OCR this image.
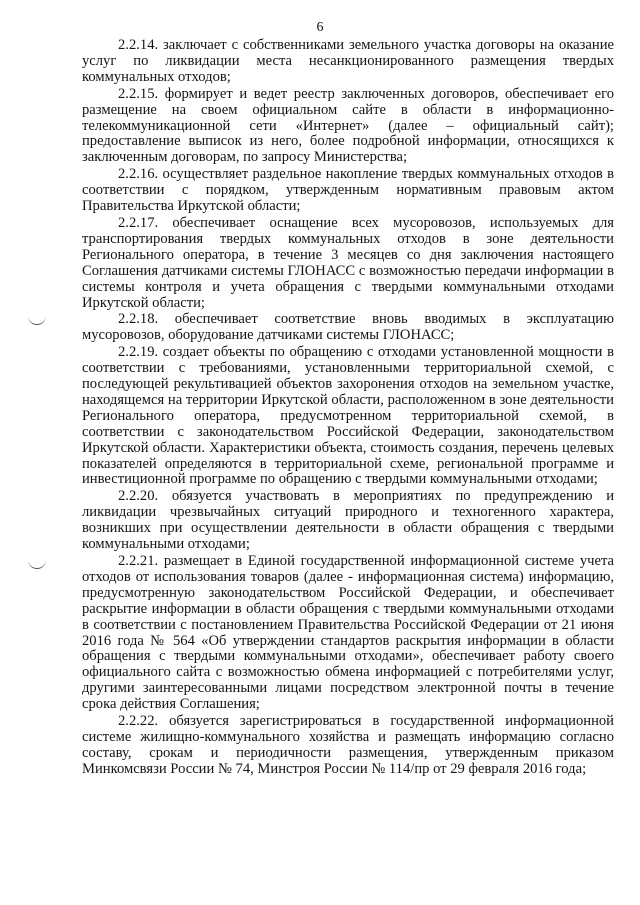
6

2.2.14. заключает с собственниками земельного участка договоры на оказание услуг по ликвидации места несанкционированного размещения твердых коммунальных отходов;

2.2.15. формирует и ведет реестр заключенных договоров, обеспечивает его размещение на своем официальном сайте в области в информационно-телекоммуникационной сети «Интернет» (далее – официальный сайт); предоставление выписок из него, более подробной информации, относящихся к заключенным договорам, по запросу Министерства;

2.2.16. осуществляет раздельное накопление твердых коммунальных отходов в соответствии с порядком, утвержденным нормативным правовым актом Правительства Иркутской области;

2.2.17. обеспечивает оснащение всех мусоровозов, используемых для транспортирования твердых коммунальных отходов в зоне деятельности Регионального оператора, в течение 3 месяцев со дня заключения настоящего Соглашения датчиками системы ГЛОНАСС с возможностью передачи информации в системы контроля и учета обращения с твердыми коммунальными отходами Иркутской области;

2.2.18. обеспечивает соответствие вновь вводимых в эксплуатацию мусоровозов, оборудование датчиками системы ГЛОНАСС;

2.2.19. создает объекты по обращению с отходами установленной мощности в соответствии с требованиями, установленными территориальной схемой, с последующей рекультивацией объектов захоронения отходов на земельном участке, находящемся на территории Иркутской области, расположенном в зоне деятельности Регионального оператора, предусмотренном территориальной схемой, в соответствии с законодательством Российской Федерации, законодательством Иркутской области. Характеристики объекта, стоимость создания, перечень целевых показателей определяются в территориальной схеме, региональной программе и инвестиционной программе по обращению с твердыми коммунальными отходами;

2.2.20. обязуется участвовать в мероприятиях по предупреждению и ликвидации чрезвычайных ситуаций природного и техногенного характера, возникших при осуществлении деятельности в области обращения с твердыми коммунальными отходами;

2.2.21. размещает в Единой государственной информационной системе учета отходов от использования товаров (далее - информационная система) информацию, предусмотренную законодательством Российской Федерации, и обеспечивает раскрытие информации в области обращения с твердыми коммунальными отходами в соответствии с постановлением Правительства Российской Федерации от 21 июня 2016 года № 564 «Об утверждении стандартов раскрытия информации в области обращения с твердыми коммунальными отходами», обеспечивает работу своего официального сайта с возможностью обмена информацией с потребителями услуг, другими заинтересованными лицами посредством электронной почты в течение срока действия Соглашения;

2.2.22. обязуется зарегистрироваться в государственной информационной системе жилищно-коммунального хозяйства и размещать информацию согласно составу, срокам и периодичности размещения, утвержденным приказом Минкомсвязи России № 74, Минстроя России № 114/пр от 29 февраля 2016 года;
